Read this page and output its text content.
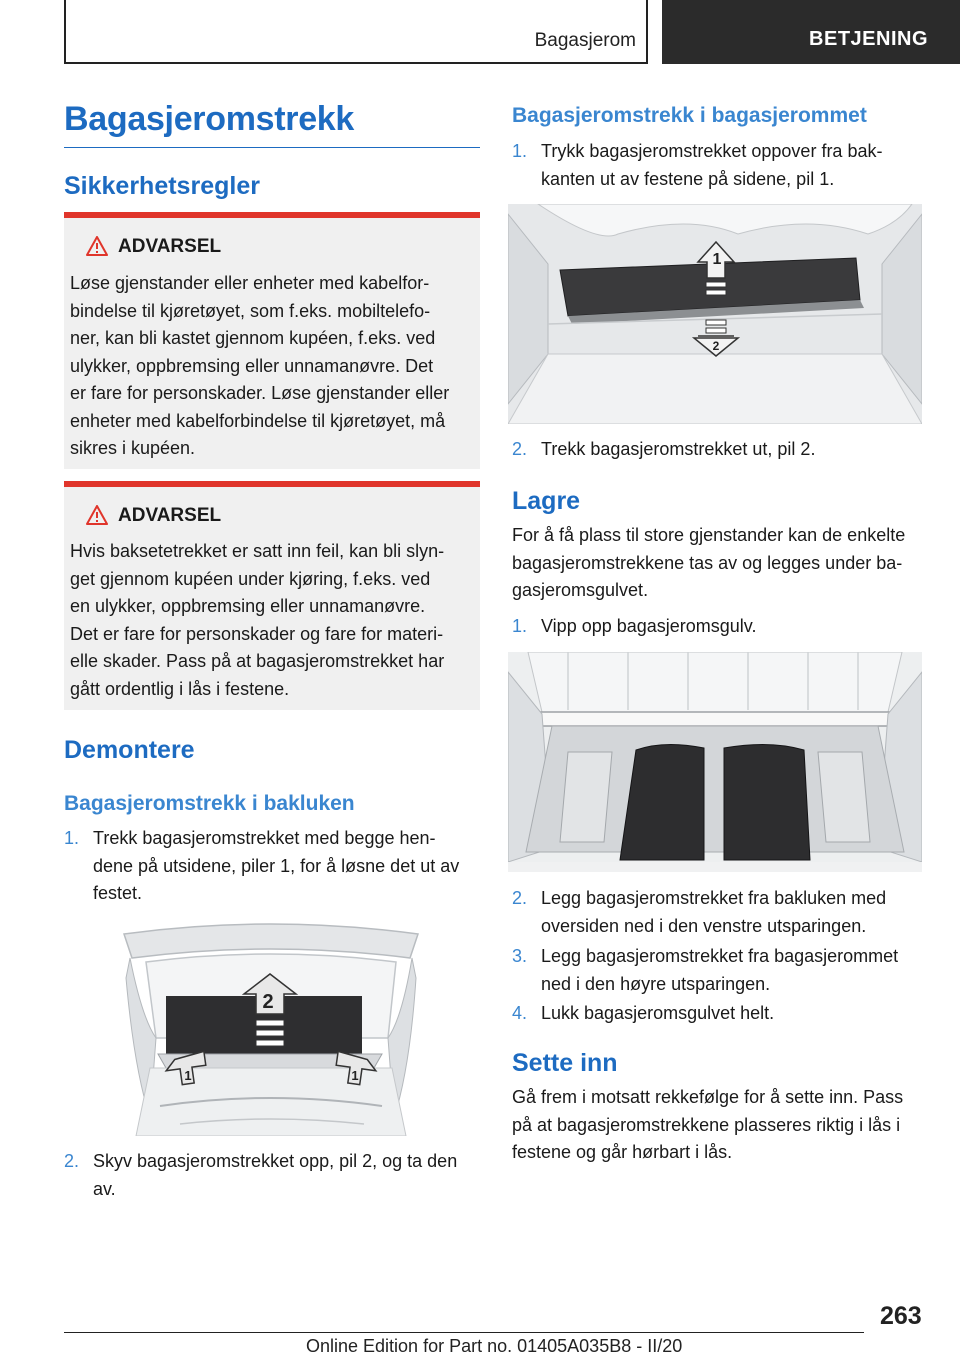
Bagasjerom	BETJENING
Bagasjeromstrekk
Sikkerhetsregler
ADVARSEL
Løse gjenstander eller enheter med kabelfor-
bindelse til kjøretøyet, som f.eks. mobiltelefo-
ner, kan bli kastet gjennom kupéen, f.eks. ved
ulykker, oppbremsing eller unnamanøvre. Det
er fare for personskader. Løse gjenstander eller
enheter med kabelforbindelse til kjøretøyet, må
sikres i kupéen.
ADVARSEL
Hvis baksetetrekket er satt inn feil, kan bli slyn-
get gjennom kupéen under kjøring, f.eks. ved
en ulykker, oppbremsing eller unnamanøvre.
Det er fare for personskader og fare for materi-
elle skader. Pass på at bagasjeromstrekket har
gått ordentlig i lås i festene.
Demontere
Bagasjeromstrekk i bakluken
1. Trekk bagasjeromstrekket med begge hen-
dene på utsidene, piler 1, for å løsne det ut av
festet.
2
1	1
2. Skyv bagasjeromstrekket opp, pil 2, og ta den
av.
Bagasjeromstrekk i bagasjerommet
1. Trykk bagasjeromstrekket oppover fra bak-
kanten ut av festene på sidene, pil 1.
1
2
2. Trekk bagasjeromstrekket ut, pil 2.
Lagre
For å få plass til store gjenstander kan de enkelte
bagasjeromstrekkene tas av og legges under ba-
gasjeromsgulvet.
1. Vipp opp bagasjeromsgulv.
2. Legg bagasjeromstrekket fra bakluken med
oversiden ned i den venstre utsparingen.
3. Legg bagasjeromstrekket fra bagasjerommet
ned i den høyre utsparingen.
4. Lukk bagasjeromsgulvet helt.
Sette inn
Gå frem i motsatt rekkefølge for å sette inn. Pass
på at bagasjeromstrekkene plasseres riktig i lås i
festene og går hørbart i lås.
263
Online Edition for Part no. 01405A035B8 - II/20
